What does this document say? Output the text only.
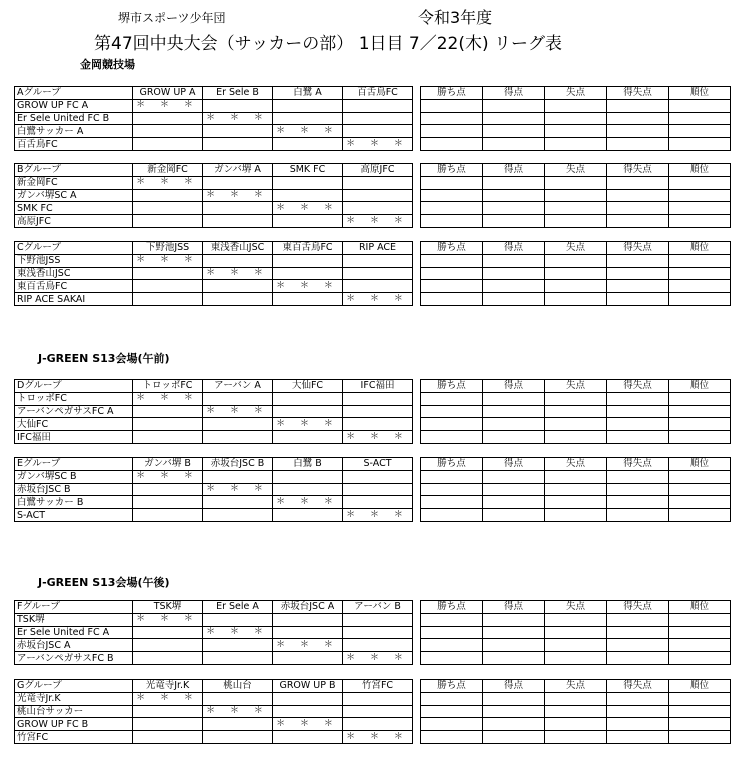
堺市スポーツ少年団	令和3年度
第47回中央大会（サッカーの部） 1日目 7／22(木) リーグ表
金岡競技場
J-GREEN S13会場(午前)
J-GREEN S13会場(午後)
Aグループ	GROW UP A	Er Sele B	白鷺 A	百舌鳥FC		勝ち点	得点	失点	得失点	順位
GROW UP FC A	＊ ＊ ＊									
Er Sele United FC B		＊ ＊ ＊								
白鷺サッカー A			＊ ＊ ＊							
百舌鳥FC				＊ ＊ ＊						
Bグループ	新金岡FC	ガンバ堺 A	SMK FC	高原JFC		勝ち点	得点	失点	得失点	順位
新金岡FC	＊ ＊ ＊									
ガンバ堺SC A		＊ ＊ ＊								
SMK FC			＊ ＊ ＊							
高原JFC				＊ ＊ ＊						
Cグループ	下野池JSS	東浅香山JSC	東百舌鳥FC	RIP ACE		勝ち点	得点	失点	得失点	順位
下野池JSS	＊ ＊ ＊									
東浅香山JSC		＊ ＊ ＊								
東百舌鳥FC			＊ ＊ ＊							
RIP ACE SAKAI				＊ ＊ ＊						
Dグループ	トロッボFC	アーバン A	大仙FC	IFC福田		勝ち点	得点	失点	得失点	順位
トロッボFC	＊ ＊ ＊									
アーバンペガサスFC A		＊ ＊ ＊								
大仙FC			＊ ＊ ＊							
IFC福田				＊ ＊ ＊						
Eグループ	ガンバ堺 B	赤坂台JSC B	白鷺 B	S-ACT		勝ち点	得点	失点	得失点	順位
ガンバ堺SC B	＊ ＊ ＊									
赤坂台JSC B		＊ ＊ ＊								
白鷺サッカー B			＊ ＊ ＊							
S-ACT				＊ ＊ ＊						
Fグループ	TSK堺	Er Sele A	赤坂台JSC A	アーバン B		勝ち点	得点	失点	得失点	順位
TSK堺	＊ ＊ ＊									
Er Sele United FC A		＊ ＊ ＊								
赤坂台JSC A			＊ ＊ ＊							
アーバンペガサスFC B				＊ ＊ ＊						
Gグループ	光竜寺Jr.K	桃山台	GROW UP B	竹宮FC		勝ち点	得点	失点	得失点	順位
光竜寺Jr.K	＊ ＊ ＊									
桃山台サッカー		＊ ＊ ＊								
GROW UP FC B			＊ ＊ ＊							
竹宮FC				＊ ＊ ＊						
